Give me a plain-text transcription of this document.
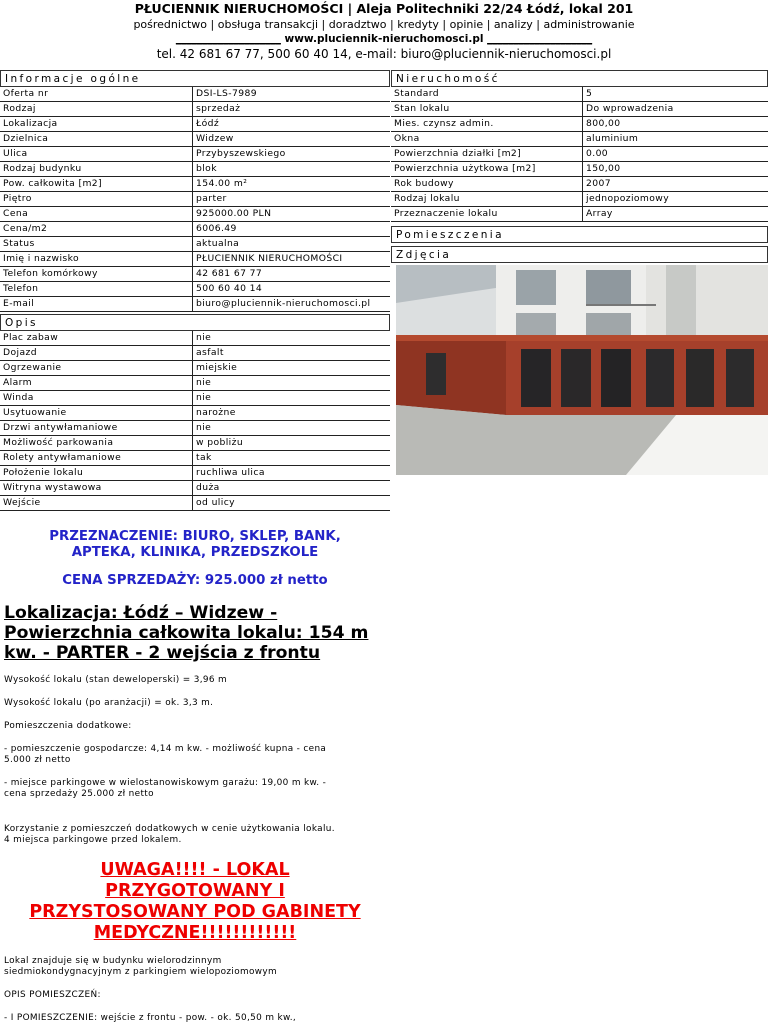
PŁUCIENNIK NIERUCHOMOŚCI | Aleja Politechniki 22/24 Łódź, lokal 201
pośrednictwo | obsługa transakcji | doradztwo | kredyty | opinie | analizy | administrowanie
____________________ www.pluciennik-nieruchomosci.pl ____________________
tel. 42 681 67 77, 500 60 40 14, e-mail: biuro@pluciennik-nieruchomosci.pl
Informacje ogólne
Oferta nr	DSI-LS-7989
Rodzaj	sprzedaż
Lokalizacja	Łódź
Dzielnica	Widzew
Ulica	Przybyszewskiego
Rodzaj budynku	blok
Pow. całkowita [m2]	154.00 m²
Piętro	parter
Cena	925000.00 PLN
Cena/m2	6006.49
Status	aktualna
Imię i nazwisko	PŁUCIENNIK NIERUCHOMOŚCI
Telefon komórkowy	42 681 67 77
Telefon	500 60 40 14
E-mail	biuro@pluciennik-nieruchomosci.pl
Opis
Plac zabaw	nie
Dojazd	asfalt
Ogrzewanie	miejskie
Alarm	nie
Winda	nie
Usytuowanie	narożne
Drzwi antywłamaniowe	nie
Możliwość parkowania	w pobliżu
Rolety antywłamaniowe	tak
Położenie lokalu	ruchliwa ulica
Witryna wystawowa	duża
Wejście	od ulicy
PRZEZNACZENIE: BIURO, SKLEP, BANK,
APTEKA, KLINIKA, PRZEDSZKOLE
CENA SPRZEDAŻY: 925.000 zł netto
Lokalizacja: Łódź – Widzew -
Powierzchnia całkowita lokalu: 154 m
kw. - PARTER - 2 wejścia z frontu

Wysokość lokalu (stan deweloperski) = 3,96 m

Wysokość lokalu (po aranżacji) = ok. 3,3 m.

Pomieszczenia dodatkowe:

- pomieszczenie gospodarcze: 4,14 m kw. - możliwość kupna - cena
5.000 zł netto

- miejsce parkingowe w wielostanowiskowym garażu: 19,00 m kw. -
cena sprzedaży 25.000 zł netto

Korzystanie z pomieszczeń dodatkowych w cenie użytkowania lokalu.
4 miejsca parkingowe przed lokalem.

UWAGA!!!! - LOKAL
PRZYGOTOWANY I
PRZYSTOSOWANY POD GABINETY
MEDYCZNE!!!!!!!!!!!!

Lokal znajduje się w budynku wielorodzinnym
siedmiokondygnacyjnym z parkingiem wielopoziomowym

OPIS POMIESZCZEŃ:

- I POMIESZCZENIE: wejście z frontu - pow. - ok. 50,50 m kw.,

Nieruchomość
Standard	5
Stan lokalu	Do wprowadzenia
Mies. czynsz admin.	800,00
Okna	aluminium
Powierzchnia działki [m2]	0.00
Powierzchnia użytkowa [m2]	150,00
Rok budowy	2007
Rodzaj lokalu	jednopoziomowy
Przeznaczenie lokalu	Array
Pomieszczenia
Zdjęcia
